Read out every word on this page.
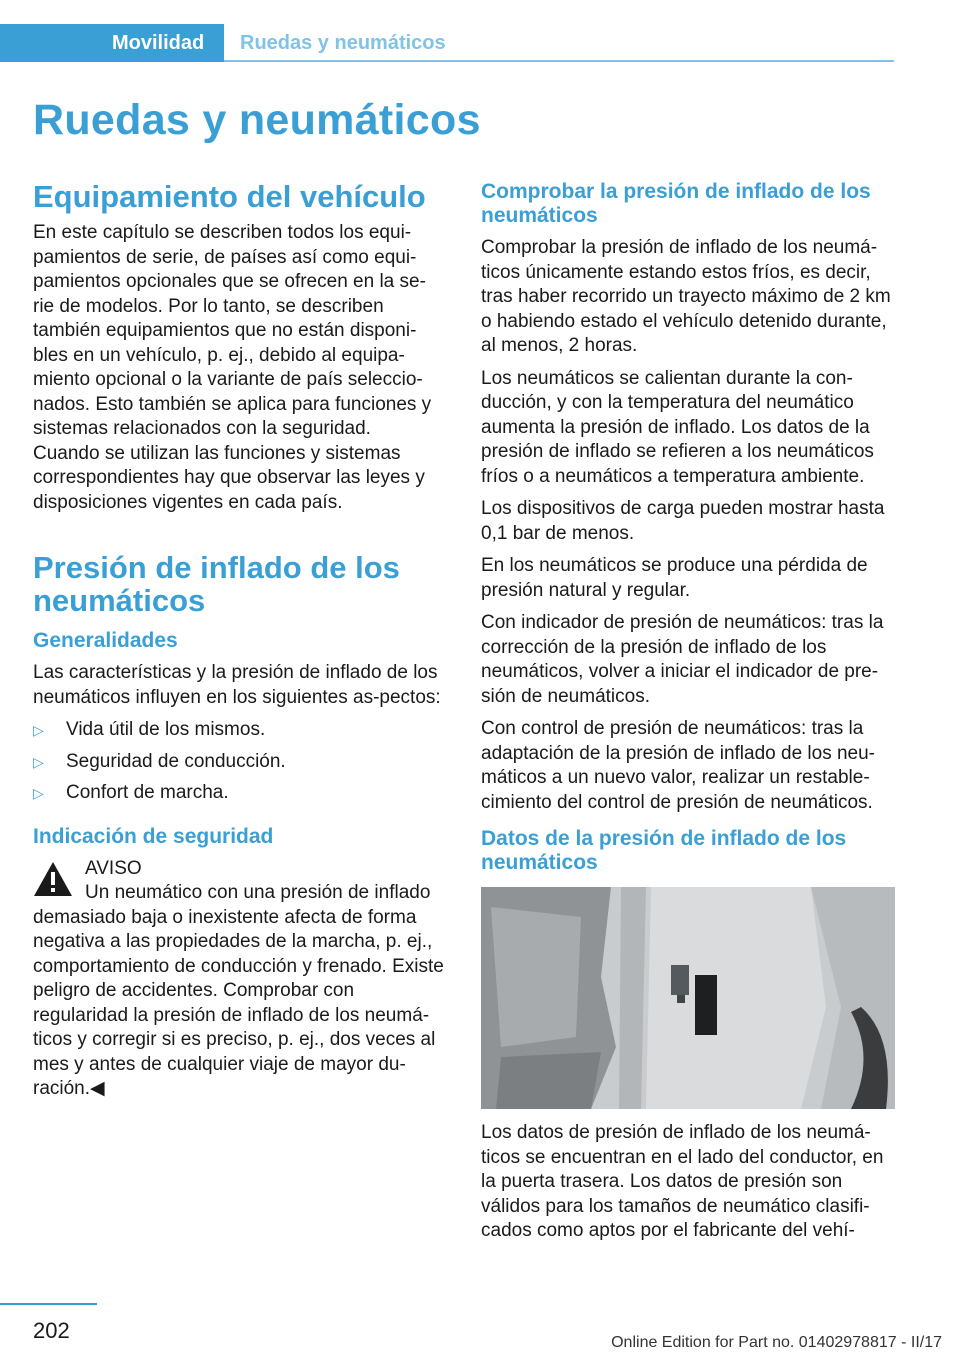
Movilidad	Ruedas y neumáticos
Ruedas y neumáticos
Equipamiento del vehículo

En este capítulo se describen todos los equi-pamientos de serie, de países así como equi-pamientos opcionales que se ofrecen en la se-rie de modelos. Por lo tanto, se describen también equipamientos que no están disponi-bles en un vehículo, p. ej., debido al equipa-miento opcional o la variante de país seleccio-nados. Esto también se aplica para funciones y sistemas relacionados con la seguridad.

Cuando se utilizan las funciones y sistemas correspondientes hay que observar las leyes y disposiciones vigentes en cada país.

Presión de inflado de los neumáticos
Generalidades

Las características y la presión de inflado de los neumáticos influyen en los siguientes as-pectos:

▷ Vida útil de los mismos.
▷ Seguridad de conducción.
▷ Confort de marcha.
Indicación de seguridad

AVISO

Un neumático con una presión de inflado

demasiado baja o inexistente afecta de forma negativa a las propiedades de la marcha, p. ej., comportamiento de conducción y frenado. Existe peligro de accidentes. Comprobar con regularidad la presión de inflado de los neumá-ticos y corregir si es preciso, p. ej., dos veces al mes y antes de cualquier viaje de mayor du-ración.◀

Comprobar la presión de inflado de los neumáticos

Comprobar la presión de inflado de los neumá-ticos únicamente estando estos fríos, es decir, tras haber recorrido un trayecto máximo de 2 km o habiendo estado el vehículo detenido durante, al menos, 2 horas.

Los neumáticos se calientan durante la con-ducción, y con la temperatura del neumático aumenta la presión de inflado. Los datos de la presión de inflado se refieren a los neumáticos fríos o a neumáticos a temperatura ambiente.

Los dispositivos de carga pueden mostrar hasta 0,1 bar de menos.

En los neumáticos se produce una pérdida de presión natural y regular.

Con indicador de presión de neumáticos: tras la corrección de la presión de inflado de los neumáticos, volver a iniciar el indicador de pre-sión de neumáticos.

Con control de presión de neumáticos: tras la adaptación de la presión de inflado de los neu-máticos a un nuevo valor, realizar un restable-cimiento del control de presión de neumáticos.

Datos de la presión de inflado de los neumáticos

Los datos de presión de inflado de los neumá-ticos se encuentran en el lado del conductor, en la puerta trasera. Los datos de presión son válidos para los tamaños de neumático clasifi-cados como aptos por el fabricante del vehí-

202	Online Edition for Part no. 01402978817 - II/17
